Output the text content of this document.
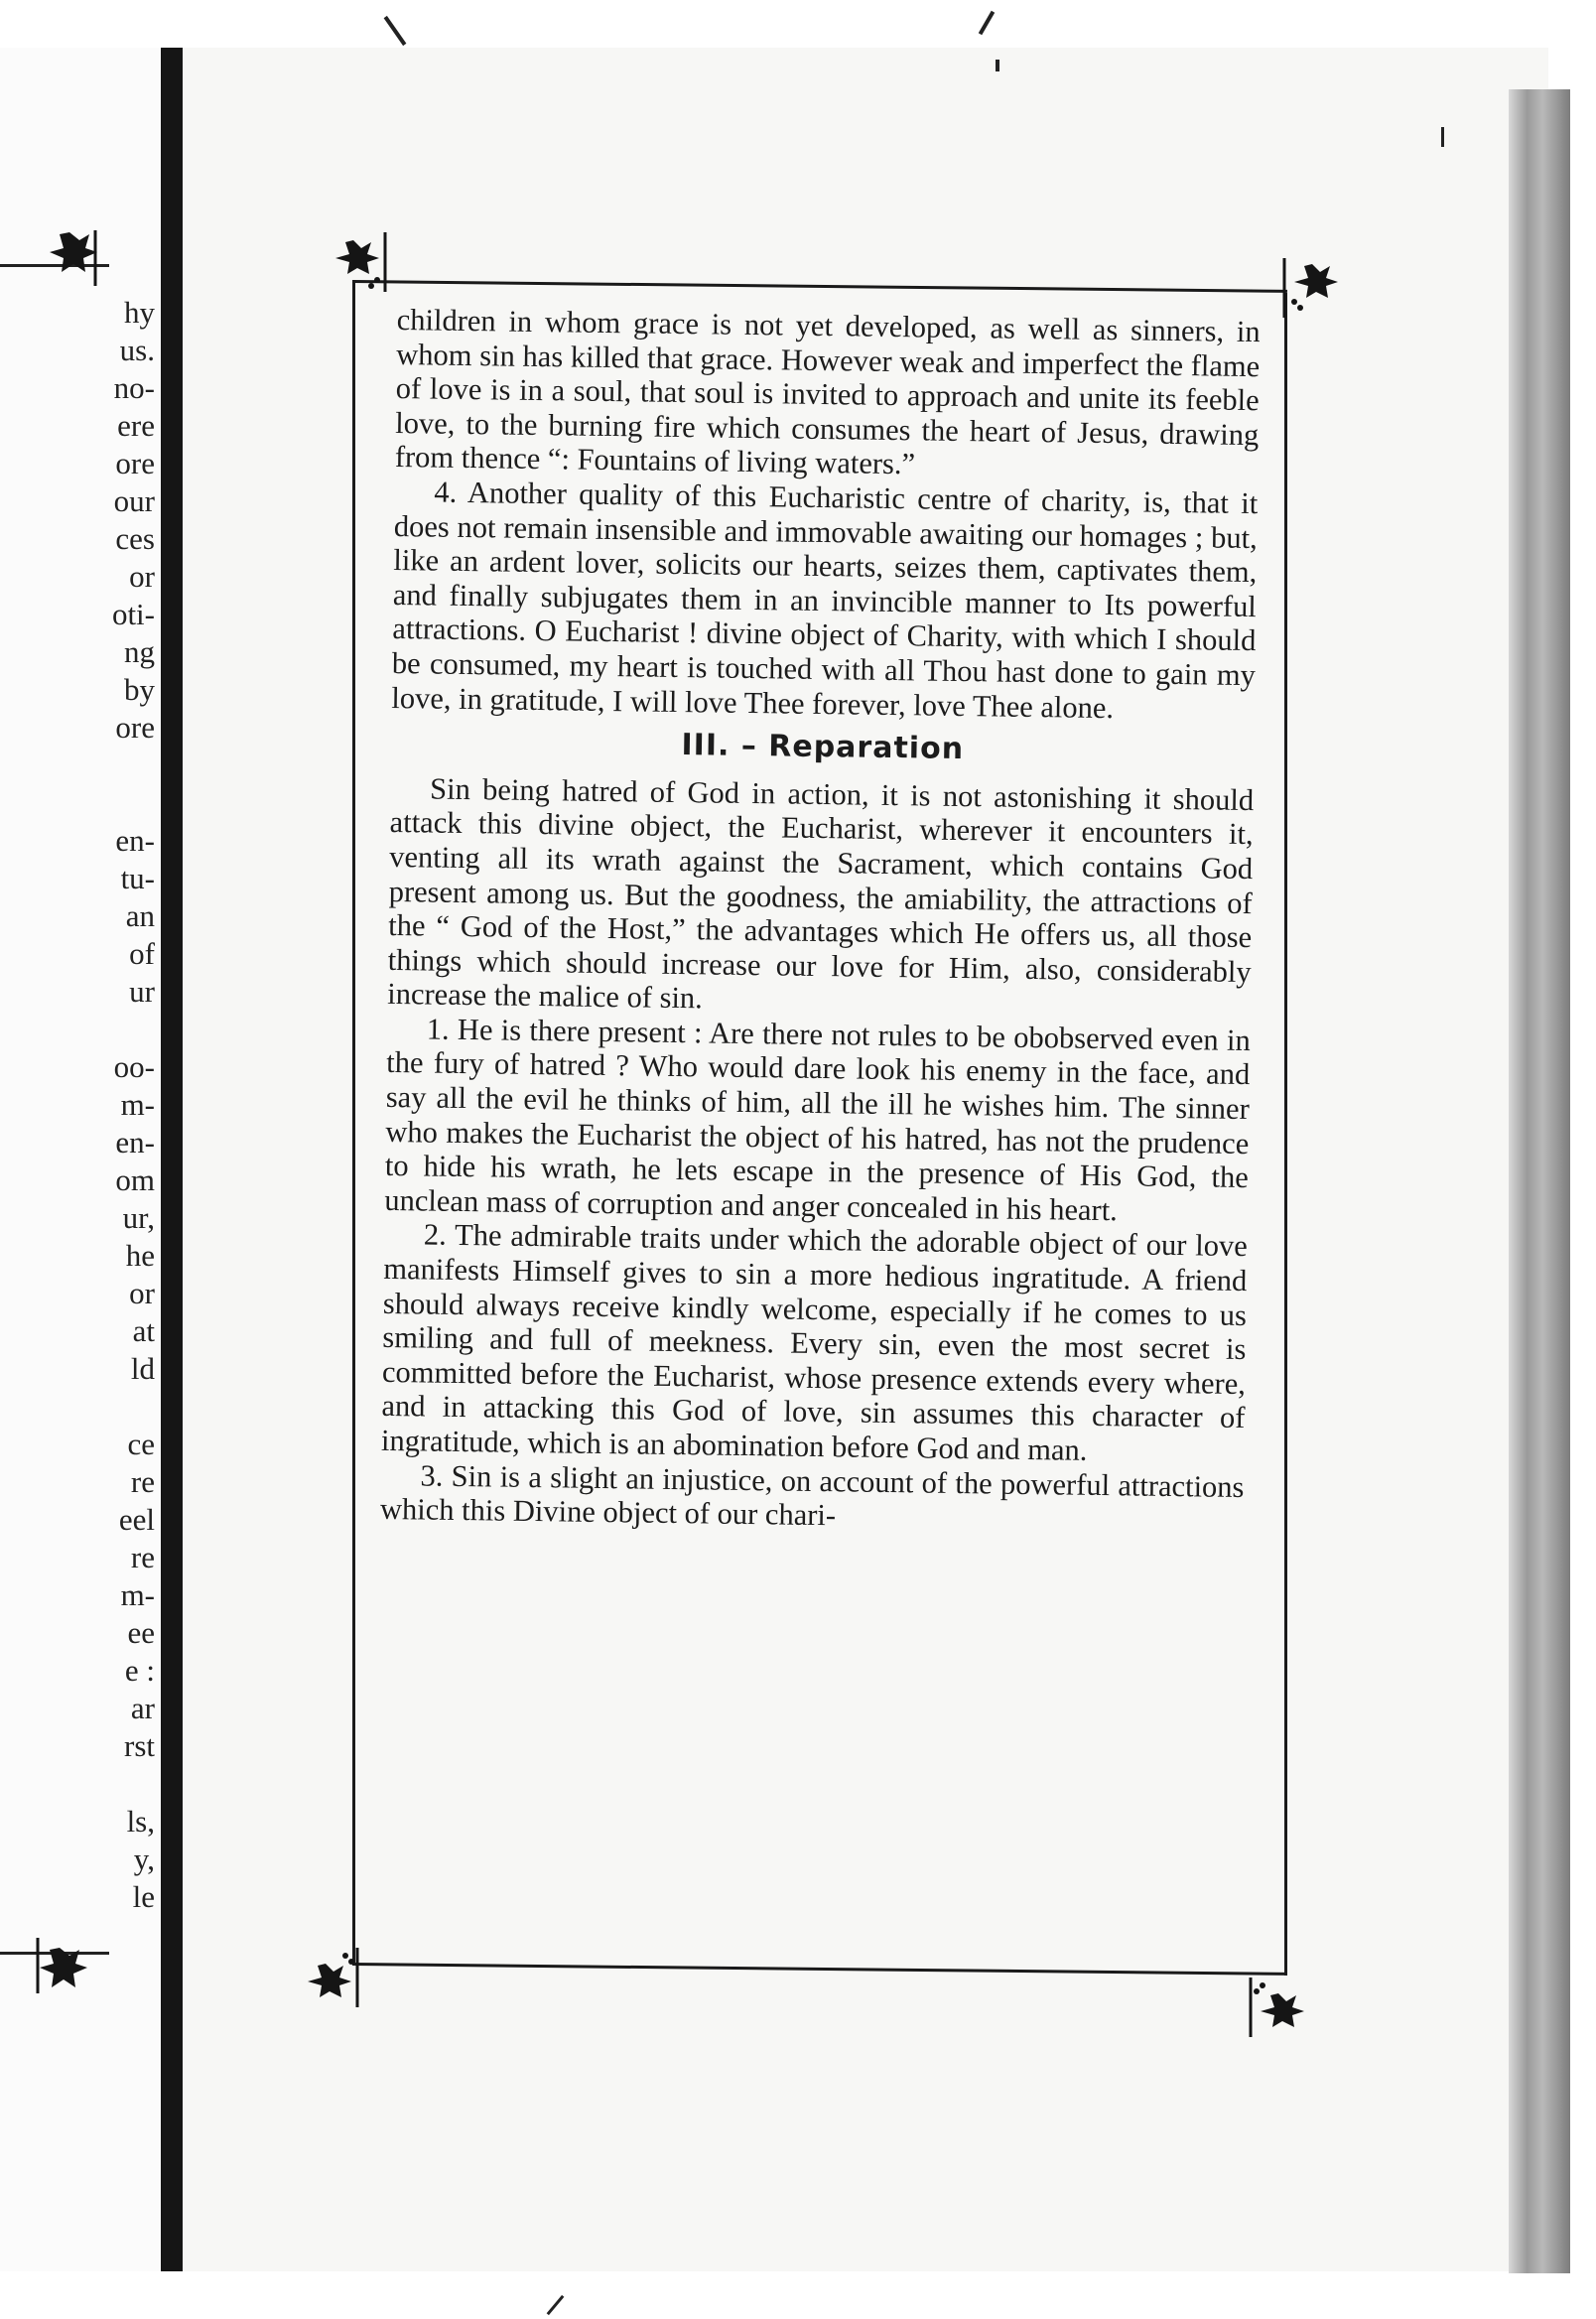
hy
us.
no-
ere
ore
our
ces
or
oti-
ng
by
ore
en-
tu-
an
of
ur
oo-
m-
en-
om
ur,
he
or
at
ld
ce
re
eel
re
m-
ee
e :
ar
rst
ls,
y,
le

children in whom grace is not yet developed, as well as sinners, in whom sin has killed that grace. However weak and imperfect the flame of love is in a soul, that soul is invited to approach and unite its feeble love, to the burning fire which consumes the heart of Jesus, drawing from thence “: Fountains of living waters.”

4. Another quality of this Eucharistic centre of charity, is, that it does not remain insensible and immovable awaiting our homages ; but, like an ardent lover, solicits our hearts, seizes them, captivates them, and finally subjugates them in an invincible manner to Its powerful attractions. O Eucharist ! divine object of Charity, with which I should be consumed, my heart is touched with all Thou hast done to gain my love, in gratitude, I will love Thee forever, love Thee alone.

III. – Reparation

Sin being hatred of God in action, it is not astonishing it should attack this divine object, the Eucharist, wherever it encounters it, venting all its wrath against the Sacrament, which contains God present among us. But the goodness, the amiability, the attractions of the “ God of the Host,” the advantages which He offers us, all those things which should increase our love for Him, also, considerably increase the malice of sin.

1. He is there present : Are there not rules to be obobserved even in the fury of hatred ? Who would dare look his enemy in the face, and say all the evil he thinks of him, all the ill he wishes him. The sinner who makes the Eucharist the object of his hatred, has not the prudence to hide his wrath, he lets escape in the presence of His God, the unclean mass of corruption and anger concealed in his heart.

2. The admirable traits under which the adorable object of our love manifests Himself gives to sin a more hedious ingratitude. A friend should always receive kindly welcome, especially if he comes to us smiling and full of meekness. Every sin, even the most secret is committed before the Eucharist, whose presence extends every where, and in attacking this God of love, sin assumes this character of ingratitude, which is an abomination before God and man.

3. Sin is a slight an injustice, on account of the powerful attractions which this Divine object of our chari-
